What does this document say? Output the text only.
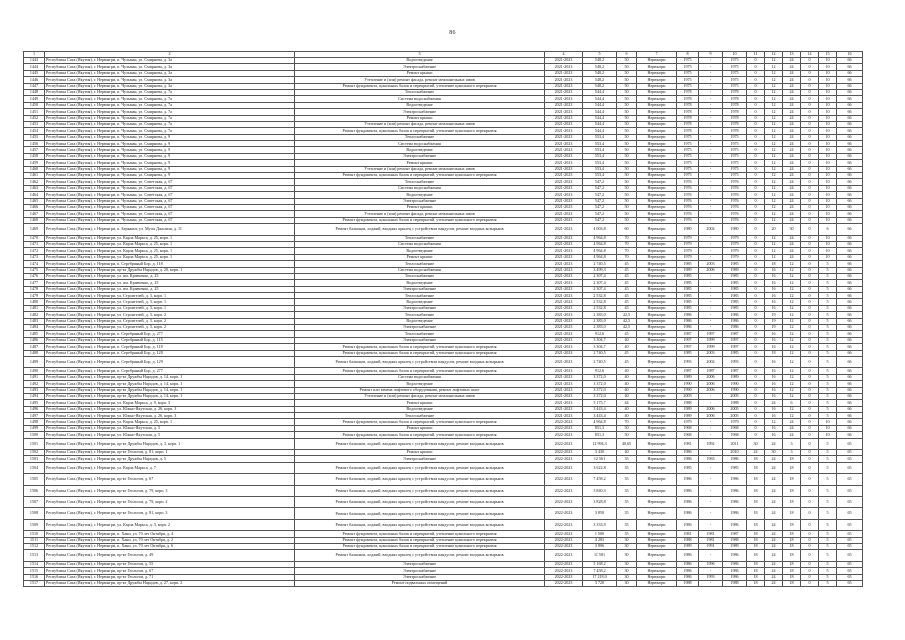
86
1	2	3	4	5	6	7	8	9	10	11	12	13	14	15	16
1443	Республика Саха (Якутия), г. Нерюнгри, п. Чульман, ул. Смирнова, д. 3а	Водоотведение	2021-2023	548,2	50	Нерюнгри	1975	-	1975	0	12	24	0	10	66
1444	Республика Саха (Якутия), г. Нерюнгри, п. Чульман, ул. Смирнова, д. 3а	Электроснабжение	2021-2023	548,2	50	Нерюнгри	1975	-	1975	0	12	24	0	10	66
1445	Республика Саха (Якутия), г. Нерюнгри, п. Чульман, ул. Смирнова, д. 3а	Ремонт крыши	2021-2023	548,2	50	Нерюнгри	1975	-	1975	0	12	24	0	10	66
1446	Республика Саха (Якутия), г. Нерюнгри, п. Чульман, ул. Смирнова, д. 3а	Утепление и (или) ремонт фасада, ремонт межпанельных швов	2021-2023	548,2	50	Нерюнгри	1975	-	1975	0	12	24	0	10	66
1447	Республика Саха (Якутия), г. Нерюнгри, п. Чульман, ул. Смирнова, д. 3а	Ремонт фундамента, цокольных балок и перекрытий, утепление цокольного перекрытия	2021-2023	548,2	50	Нерюнгри	1975	-	1975	0	12	24	0	10	66
1448	Республика Саха (Якутия), г. Нерюнгри, п. Чульман, ул. Смирнова, д. 7а	Теплоснабжение	2021-2023	544,4	50	Нерюнгри	1978	-	1978	0	12	24	0	10	66
1449	Республика Саха (Якутия), г. Нерюнгри, п. Чульман, ул. Смирнова, д. 7а	Система водоснабжения	2021-2023	544,4	50	Нерюнгри	1978	-	1978	0	12	24	0	10	66
1450	Республика Саха (Якутия), г. Нерюнгри, п. Чульман, ул. Смирнова, д. 7а	Водоотведение	2021-2023	544,4	50	Нерюнгри	1978	-	1978	0	12	24	0	10	66
1451	Республика Саха (Якутия), г. Нерюнгри, п. Чульман, ул. Смирнова, д. 7а	Электроснабжение	2021-2023	544,4	50	Нерюнгри	1978	-	1978	0	12	24	0	10	66
1452	Республика Саха (Якутия), г. Нерюнгри, п. Чульман, ул. Смирнова, д. 7а	Ремонт крыши	2021-2023	544,4	50	Нерюнгри	1978	-	1978	0	12	24	0	10	66
1453	Республика Саха (Якутия), г. Нерюнгри, п. Чульман, ул. Смирнова, д. 7а	Утепление и (или) ремонт фасада, ремонт межпанельных швов	2021-2023	544,4	50	Нерюнгри	1978	-	1978	0	12	24	0	10	66
1454	Республика Саха (Якутия), г. Нерюнгри, п. Чульман, ул. Смирнова, д. 7а	Ремонт фундамента, цокольных балок и перекрытий, утепление цокольного перекрытия	2021-2023	544,4	50	Нерюнгри	1978	-	1978	0	12	24	0	10	66
1455	Республика Саха (Якутия), г. Нерюнгри, п. Чульман, ул. Смирнова, д. 9	Теплоснабжение	2021-2023	553,4	50	Нерюнгри	1975	-	1975	0	12	24	0	10	66
1456	Республика Саха (Якутия), г. Нерюнгри, п. Чульман, ул. Смирнова, д. 9	Система водоснабжения	2021-2023	553,4	50	Нерюнгри	1975	-	1975	0	12	24	0	10	66
1457	Республика Саха (Якутия), г. Нерюнгри, п. Чульман, ул. Смирнова, д. 9	Водоотведение	2021-2023	553,4	50	Нерюнгри	1975	-	1975	0	12	24	0	10	66
1458	Республика Саха (Якутия), г. Нерюнгри, п. Чульман, ул. Смирнова, д. 9	Электроснабжение	2021-2023	553,4	50	Нерюнгри	1975	-	1975	0	12	24	0	10	66
1459	Республика Саха (Якутия), г. Нерюнгри, п. Чульман, ул. Смирнова, д. 9	Ремонт крыши	2021-2023	553,4	50	Нерюнгри	1975	-	1975	0	12	24	0	10	66
1460	Республика Саха (Якутия), г. Нерюнгри, п. Чульман, ул. Смирнова, д. 9	Утепление и (или) ремонт фасада, ремонт межпанельных швов	2021-2023	553,4	50	Нерюнгри	1975	-	1975	0	12	24	0	10	66
1461	Республика Саха (Якутия), г. Нерюнгри, п. Чульман, ул. Смирнова, д. 9	Ремонт фундамента, цокольных балок и перекрытий, утепление цокольного перекрытия	2021-2023	553,4	50	Нерюнгри	1975	-	1975	0	12	24	0	10	66
1462	Республика Саха (Якутия), г. Нерюнгри, п. Чульман, ул. Советская, д. 67	Теплоснабжение	2021-2023	547,2	50	Нерюнгри	1976	-	1976	0	12	24	0	10	66
1463	Республика Саха (Якутия), г. Нерюнгри, п. Чульман, ул. Советская, д. 67	Система водоснабжения	2021-2023	547,2	50	Нерюнгри	1976	-	1976	0	12	24	0	10	66
1464	Республика Саха (Якутия), г. Нерюнгри, п. Чульман, ул. Советская, д. 67	Водоотведение	2021-2023	547,2	50	Нерюнгри	1976	-	1976	0	12	24	0	10	66
1465	Республика Саха (Якутия), г. Нерюнгри, п. Чульман, ул. Советская, д. 67	Электроснабжение	2021-2023	547,2	50	Нерюнгри	1976	-	1976	0	12	24	0	10	66
1466	Республика Саха (Якутия), г. Нерюнгри, п. Чульман, ул. Советская, д. 67	Ремонт крыши	2021-2023	547,2	50	Нерюнгри	1976	-	1976	0	12	24	0	10	66
1467	Республика Саха (Якутия), г. Нерюнгри, п. Чульман, ул. Советская, д. 67	Утепление и (или) ремонт фасада, ремонт межпанельных швов	2021-2023	547,2	50	Нерюнгри	1976	-	1976	0	12	24	0	10	66
1468	Республика Саха (Якутия), г. Нерюнгри, п. Чульман, ул. Советская, д. 67	Ремонт фундамента, цокольных балок и перекрытий, утепление цокольного перекрытия	2021-2023	547,2	50	Нерюнгри	1976	-	1976	0	12	24	0	10	66
1469	Республика Саха (Якутия), г. Нерюнгри, п. Беркакит, ул. Мусы Джалиля, д. 11	Ремонт балконов, лоджий, входных крылец с устройством пандусов, ремонт входных козырьков	2021-2023	4 003,8	60	Нерюнгри	1980	2002	1980	0	20	30	0	6	66
1470	Республика Саха (Якутия), г. Нерюнгри, ул. Карла Маркса, д. 25, корп. 1	Теплоснабжение	2021-2023	4 964,8	70	Нерюнгри	1979	-	1979	0	12	24	0	10	66
1471	Республика Саха (Якутия), г. Нерюнгри, ул. Карла Маркса, д. 25, корп. 1	Система водоснабжения	2021-2023	4 964,8	70	Нерюнгри	1979	-	1979	0	12	24	0	10	66
1472	Республика Саха (Якутия), г. Нерюнгри, ул. Карла Маркса, д. 25, корп. 1	Водоотведение	2021-2023	4 964,8	70	Нерюнгри	1979	-	1979	0	12	24	0	10	66
1473	Республика Саха (Якутия), г. Нерюнгри, ул. Карла Маркса, д. 25, корп. 1	Ремонт крыши	2021-2023	4 964,8	70	Нерюнгри	1979	-	1979	0	12	24	0	10	66
1474	Республика Саха (Якутия), г. Нерюнгри, п. Серебряный Бор, д. 118	Теплоснабжение	2021-2023	2 740,5	45	Нерюнгри	1985	2003	1985	0	18	12	0	5	66
1475	Республика Саха (Якутия), г. Нерюнгри, пр-кт Дружбы Народов, д. 20, корп. 1	Система водоснабжения	2021-2023	3 499,3	45	Нерюнгри	1989	2006	1989	0	16	12	0	5	66
1476	Республика Саха (Якутия), г. Нерюнгри, ул. им. Кравченко, д. 25	Теплоснабжение	2021-2023	2 307,4	45	Нерюнгри	1985	-	1985	0	16	12	0	5	66
1477	Республика Саха (Якутия), г. Нерюнгри, ул. им. Кравченко, д. 25	Водоотведение	2021-2023	2 307,4	45	Нерюнгри	1985	-	1985	0	16	12	0	5	66
1478	Республика Саха (Якутия), г. Нерюнгри, ул. им. Кравченко, д. 25	Электроснабжение	2021-2023	2 307,4	45	Нерюнгри	1985	-	1985	0	16	12	0	5	66
1479	Республика Саха (Якутия), г. Нерюнгри, ул. Строителей, д. 3, корп. 1	Теплоснабжение	2021-2023	2 532,8	45	Нерюнгри	1985	-	1985	0	16	12	0	5	66
1480	Республика Саха (Якутия), г. Нерюнгри, ул. Строителей, д. 3, корп. 1	Водоотведение	2021-2023	2 532,8	45	Нерюнгри	1985	-	1985	0	16	12	0	5	66
1481	Республика Саха (Якутия), г. Нерюнгри, ул. Строителей, д. 3, корп. 1	Электроснабжение	2021-2023	2 532,8	45	Нерюнгри	1985	-	1985	0	16	12	0	5	66
1482	Республика Саха (Якутия), г. Нерюнгри, ул. Строителей, д. 3, корп. 2	Теплоснабжение	2021-2023	2 383,0	42,5	Нерюнгри	1986	-	1986	0	19	12	0	5	66
1483	Республика Саха (Якутия), г. Нерюнгри, ул. Строителей, д. 3, корп. 2	Водоотведение	2021-2023	2 383,0	42,5	Нерюнгри	1986	-	1986	0	19	12	0	5	66
1484	Республика Саха (Якутия), г. Нерюнгри, ул. Строителей, д. 3, корп. 2	Электроснабжение	2021-2023	2 383,0	42,5	Нерюнгри	1986	-	1986	0	19	12	0	5	66
1485	Республика Саха (Якутия), г. Нерюнгри, п. Серебряный Бор, д. 277	Теплоснабжение	2021-2023	912,6	45	Нерюнгри	1987	1997	1987	0	16	12	0	5	66
1486	Республика Саха (Якутия), г. Нерюнгри, п. Серебряный Бор, д. 115	Электроснабжение	2021-2023	3 304,7	40	Нерюнгри	1997	1999	1997	0	16	12	0	5	66
1487	Республика Саха (Якутия), г. Нерюнгри, п. Серебряный Бор, д. 118	Ремонт фундамента, цокольных балок и перекрытий, утепление цокольного перекрытия	2021-2023	3 304,7	40	Нерюнгри	1997	1999	1997	0	16	12	0	5	66
1488	Республика Саха (Якутия), г. Нерюнгри, п. Серебряный Бор, д. 120	Ремонт фундамента, цокольных балок и перекрытий, утепление цокольного перекрытия	2021-2023	2 740,5	45	Нерюнгри	1985	2003	1985	0	18	12	0	5	66
1489	Республика Саха (Якутия), г. Нерюнгри, п. Серебряный Бор, д. 129	Ремонт балконов, лоджий, входных крылец с устройством пандусов, ремонт входных козырьков	2021-2023	2 740,5	45	Нерюнгри	1993	2002	1993	0	16	12	0	5	66
1490	Республика Саха (Якутия), г. Нерюнгри, п. Серебряный Бор, д. 277	Ремонт фундамента, цокольных балок и перекрытий, утепление цокольного перекрытия	2021-2023	912,6	40	Нерюнгри	1987	1987	1987	0	16	12	0	5	66
1491	Республика Саха (Якутия), г. Нерюнгри, пр-кт Дружбы Народов, д. 14, корп. 1	Система водоснабжения	2021-2023	3 372,0	40	Нерюнгри	1989	2006	1989	0	16	12	0	5	66
1492	Республика Саха (Якутия), г. Нерюнгри, пр-кт Дружбы Народов, д. 14, корп. 1	Водоотведение	2021-2023	3 372,0	40	Нерюнгри	1990	2006	1990	0	16	12	0	5	66
1493	Республика Саха (Якутия), г. Нерюнгри, пр-кт Дружбы Народов, д. 14, корп. 1	Ремонт или замена лифтового оборудования, ремонт лифтовых шахт	2021-2023	3 372,0	40	Нерюнгри	1990	2006	1990	0	16	12	0	5	66
1494	Республика Саха (Якутия), г. Нерюнгри, пр-кт Дружбы Народов, д. 14, корп. 1	Утепление и (или) ремонт фасада, ремонт межпанельных швов	2021-2023	3 372,0	40	Нерюнгри	2005	-	2005	0	16	12	0	5	66
1495	Республика Саха (Якутия), г. Нерюнгри, ул. Карла Маркса, д. 9, корп. 3	Ремонт крыши	2021-2023	5 175,7	44	Нерюнгри	1988	-	1988	0	24	6	0	5	66
1496	Республика Саха (Якутия), г. Нерюнгри, ул. Южно-Якутская, д. 26, корп. 3	Водоотведение	2021-2023	3 443,4	40	Нерюнгри	1989	2006	2005	0	16	12	0	5	66
1497	Республика Саха (Якутия), г. Нерюнгри, ул. Южно-Якутская, д. 26, корп. 3	Теплоснабжение	2021-2023	3 443,4	40	Нерюнгри	1989	2006	2005	0	16	12	0	5	66
1498	Республика Саха (Якутия), г. Нерюнгри, ул. Карла Маркса, д. 25, корп. 1	Ремонт фундамента, цокольных балок и перекрытий, утепление цокольного перекрытия	2022-2023	4 964,8	70	Нерюнгри	1979	-	1979	0	12	24	0	10	66
1499	Республика Саха (Якутия), г. Нерюнгри, ул. Южно-Якутская, д. 5	Ремонт крыши	2022-2023	851,3	50	Нерюнгри	1968	-	1968	0	16	24	0	10	66
1500	Республика Саха (Якутия), г. Нерюнгри, ул. Южно-Якутская, д. 5	Ремонт фундамента, цокольных балок и перекрытий, утепление цокольного перекрытия	2022-2023	851,3	50	Нерюнгри	1968	-	1968	0	16	24	0	10	66
1501	Республика Саха (Якутия), г. Нерюнгри, пр-кт Дружбы Народов, д. 3, корп. 1	Ремонт балконов, лоджий, входных крылец с устройством пандусов, ремонт входных козырьков	2022-2023	12 994,3	40,65	Нерюнгри	1981	1992	2011	30	24	3	0	5	65
1502	Республика Саха (Якутия), г. Нерюнгри, пр-кт Геологов, д. 81, корп. 1	Ремонт крыши	2022-2023	3 430	40	Нерюнгри	1986	-	2010	24	30	3	0	5	65
1503	Республика Саха (Якутия), г. Нерюнгри, пр-кт Дружбы Народов, д. 5	Электроснабжение	2022-2023	12 561	35	Нерюнгри	1986	1963	1986	18	24	18	0	5	65
1504	Республика Саха (Якутия), г. Нерюнгри, ул. Карла Маркса, д. 7	Ремонт балконов, лоджий, входных крылец с устройством пандусов, ремонт входных козырьков	2022-2023	3 622,8	35	Нерюнгри	1985	-	1985	18	24	18	0	5	65
1505	Республика Саха (Якутия), г. Нерюнгри, пр-кт Геологов, д. 67	Ремонт балконов, лоджий, входных крылец с устройством пандусов, ремонт входных козырьков	2022-2023	7 458,2	35	Нерюнгри	1986	-	1986	18	24	18	0	5	65
1506	Республика Саха (Якутия), г. Нерюнгри, пр-кт Геологов, д. 79, корп. 3	Ремонт балконов, лоджий, входных крылец с устройством пандусов, ремонт входных козырьков	2022-2023	3 840,3	35	Нерюнгри	1986	-	1986	18	24	18	0	5	65
1507	Республика Саха (Якутия), г. Нерюнгри, пр-кт Геологов, д. 79, корп. 2	Ремонт балконов, лоджий, входных крылец с устройством пандусов, ремонт входных козырьков	2022-2023	3 828,8	35	Нерюнгри	1986	-	1986	18	24	18	0	5	65
1508	Республика Саха (Якутия), г. Нерюнгри, пр-кт Геологов, д. 81, корп. 3	Ремонт балконов, лоджий, входных крылец с устройством пандусов, ремонт входных козырьков	2022-2023	3 850	35	Нерюнгри	1986	-	1986	18	24	18	0	5	65
1509	Республика Саха (Якутия), г. Нерюнгри, ул. Карла Маркса, д. 3, корп. 2	Ремонт балконов, лоджий, входных крылец с устройством пандусов, ремонт входных козырьков	2022-2023	3 333,9	35	Нерюнгри	1986	-	1986	18	24	18	0	5	65
1510	Республика Саха (Якутия), г. Нерюнгри, п. Хани, ул. 70 лет Октября, д. 4	Ремонт фундамента, цокольных балок и перекрытий, утепление цокольного перекрытия	2022-2023	1 500	35	Нерюнгри	1981	1981	1987	18	24	18	0	5	65
1511	Республика Саха (Якутия), г. Нерюнгри, п. Хани, ул. 70 лет Октября, д. 2	Ремонт фундамента, цокольных балок и перекрытий, утепление цокольного перекрытия	2022-2023	4 283	30	Нерюнгри	1988	1981	1988	18	24	18	0	5	65
1512	Республика Саха (Якутия), г. Нерюнгри, п. Хани, ул. 70 лет Октября, д. 6	Ремонт фундамента, цокольных балок и перекрытий, утепление цокольного перекрытия	2022-2023	3 806	30	Нерюнгри	1989	1991	1989	18	24	18	0	5	65
1513	Республика Саха (Якутия), г. Нерюнгри, пр-кт Геологов, д. 49	Ремонт балконов, лоджий, входных крылец с устройством пандусов, ремонт входных козырьков	2022-2023	11 581	30	Нерюнгри	1986	-	1986	18	24	18	0	5	65
1514	Республика Саха (Якутия), г. Нерюнгри, пр-кт Геологов, д. 55	Электроснабжение	2022-2023	5 168,2	30	Нерюнгри	1986	1996	1986	18	24	18	0	5	65
1515	Республика Саха (Якутия), г. Нерюнгри, пр-кт Геологов, д. 67	Электроснабжение	2022-2023	7 458,2	30	Нерюнгри	1986	-	1986	18	24	18	0	5	65
1516	Республика Саха (Якутия), г. Нерюнгри, пр-кт Геологов, д. 71	Электроснабжение	2022-2023	17 218,0	30	Нерюнгри	1986	1993	1986	18	24	18	0	5	65
1517	Республика Саха (Якутия), г. Нерюнгри, пр-кт Дружбы Народов, д. 27, корп. 2	Ремонт подвальных помещений	2022-2023	3 720	30	Нерюнгри	1988	-	1988	18	24	18	0	5	65
